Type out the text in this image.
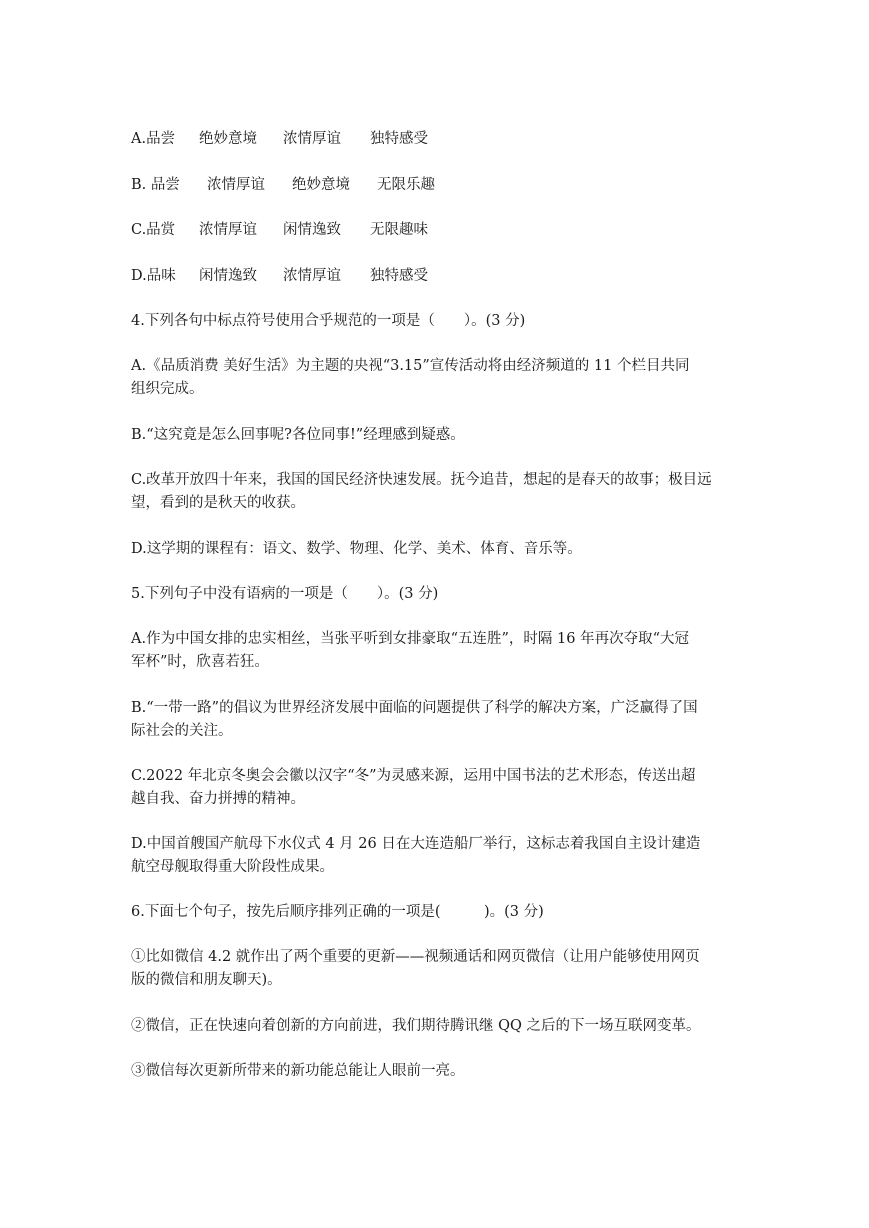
A.品尝 绝妙意境 浓情厚谊 独特感受
B. 品尝 浓情厚谊 绝妙意境 无限乐趣
C.品赏 浓情厚谊 闲情逸致 无限趣味
D.品味 闲情逸致 浓情厚谊 独特感受
4.下列各句中标点符号使用合乎规范的一项是（　　）。(3 分)
A.《品质消费 美好生活》为主题的央视“3.15”宣传活动将由经济频道的 11 个栏目共同
组织完成。
B.“这究竟是怎么回事呢?各位同事!”经理感到疑惑。
C.改革开放四十年来，我国的国民经济快速发展。抚今追昔，想起的是春天的故事；极目远
望，看到的是秋天的收获。
D.这学期的课程有：语文、数学、物理、化学、美术、体育、音乐等。
5.下列句子中没有语病的一项是（　　）。(3 分)
A.作为中国女排的忠实相丝，当张平听到女排豪取“五连胜”，时隔 16 年再次夺取“大冠
军杯”时，欣喜若狂。
B.“一带一路”的倡议为世界经济发展中面临的问题提供了科学的解决方案，广泛赢得了国
际社会的关注。
C.2022 年北京冬奥会会徽以汉字“冬”为灵感来源，运用中国书法的艺术形态，传送出超
越自我、奋力拼搏的精神。
D.中国首艘国产航母下水仪式 4 月 26 日在大连造船厂举行，这标志着我国自主设计建造
航空母舰取得重大阶段性成果。
6.下面七个句子，按先后顺序排列正确的一项是(　　　)。(3 分)
①比如微信 4.2 就作出了两个重要的更新——视频通话和网页微信（让用户能够使用网页
版的微信和朋友聊天)。
②微信，正在快速向着创新的方向前进，我们期待腾讯继 QQ 之后的下一场互联网变革。
③微信每次更新所带来的新功能总能让人眼前一亮。
